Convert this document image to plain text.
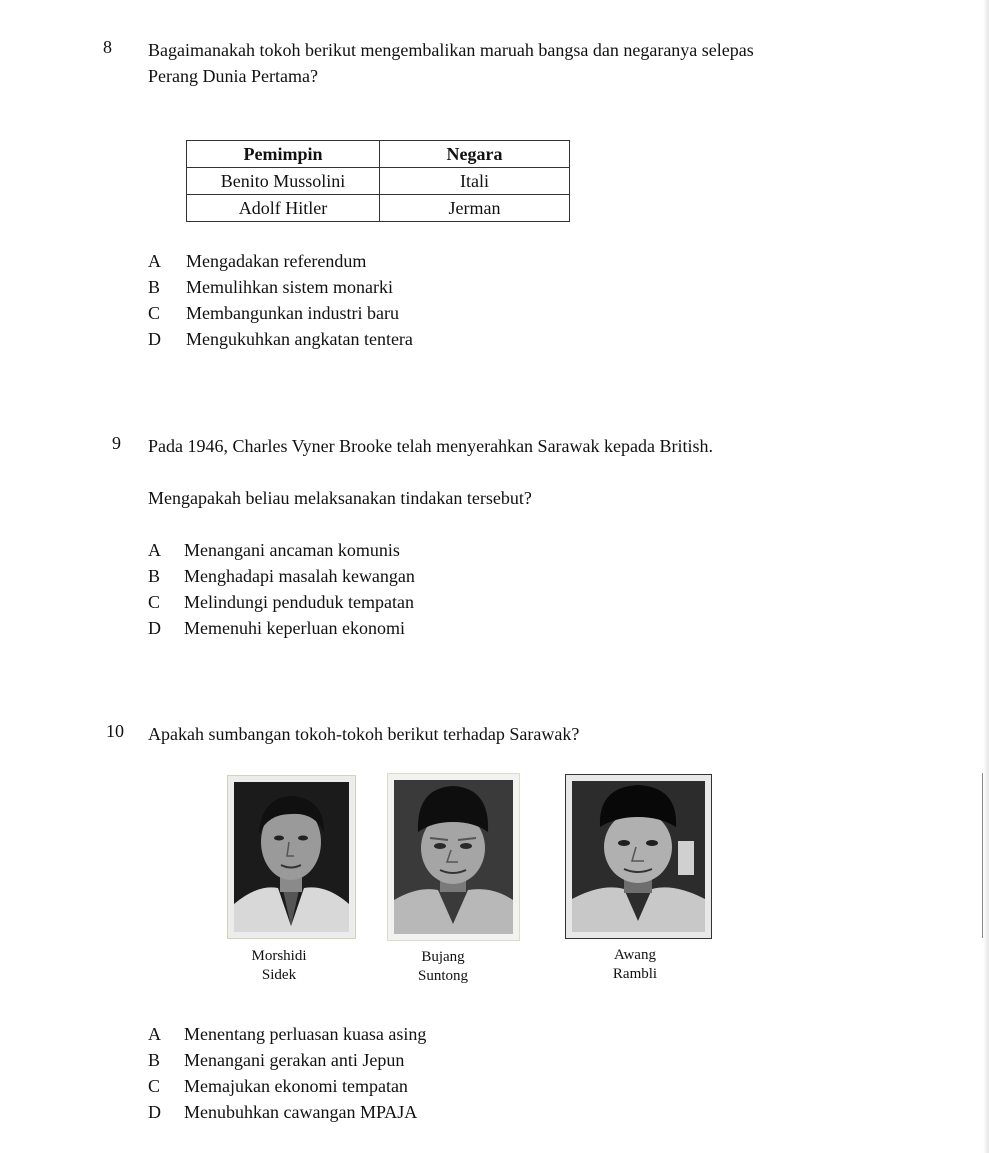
8 Bagaimanakah tokoh berikut mengembalikan maruah bangsa dan negaranya selepas
Perang Dunia Pertama?
Pemimpin	Negara
Benito Mussolini	Itali
Adolf Hitler	Jerman
A Mengadakan referendum
B Memulihkan sistem monarki
C Membangunkan industri baru
D Mengukuhkan angkatan tentera
9 Pada 1946, Charles Vyner Brooke telah menyerahkan Sarawak kepada British.
Mengapakah beliau melaksanakan tindakan tersebut?
A Menangani ancaman komunis
B Menghadapi masalah kewangan
C Melindungi penduduk tempatan
D Memenuhi keperluan ekonomi
10 Apakah sumbangan tokoh-tokoh berikut terhadap Sarawak?
Morshidi
Sidek
Bujang
Suntong
Awang
Rambli
A Menentang perluasan kuasa asing
B Menangani gerakan anti Jepun
C Memajukan ekonomi tempatan
D Menubuhkan cawangan MPAJA
